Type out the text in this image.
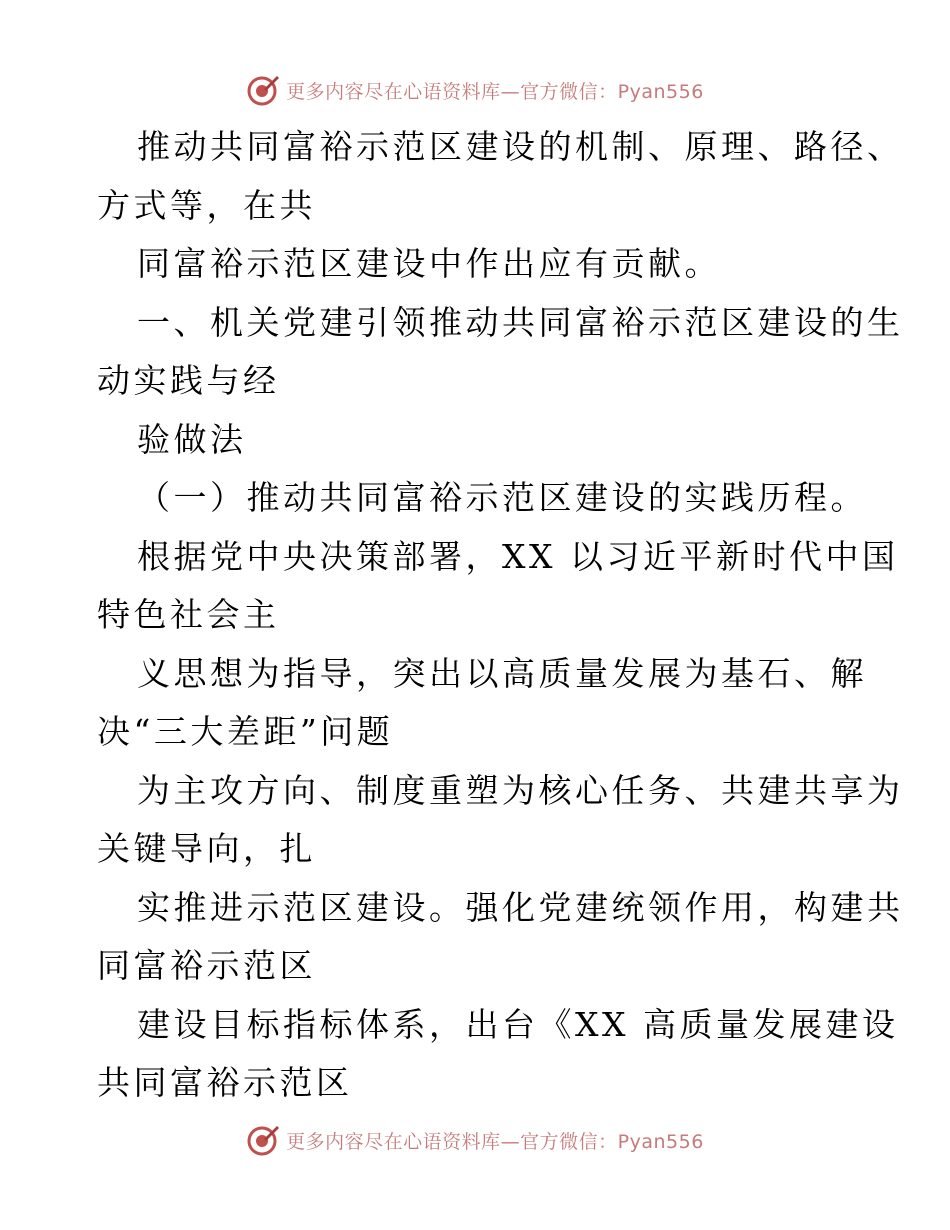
更多内容尽在心语资料库—官方微信：Pyan556
推动共同富裕示范区建设的机制、原理、路径、
方式等，在共
同富裕示范区建设中作出应有贡献。
一、机关党建引领推动共同富裕示范区建设的生
动实践与经
验做法
（一）推动共同富裕示范区建设的实践历程。
根据党中央决策部署，XX 以习近平新时代中国
特色社会主
义思想为指导，突出以高质量发展为基石、解
决“三大差距”问题
为主攻方向、制度重塑为核心任务、共建共享为
关键导向，扎
实推进示范区建设。强化党建统领作用，构建共
同富裕示范区
建设目标指标体系，出台《XX 高质量发展建设
共同富裕示范区
更多内容尽在心语资料库—官方微信：Pyan556
